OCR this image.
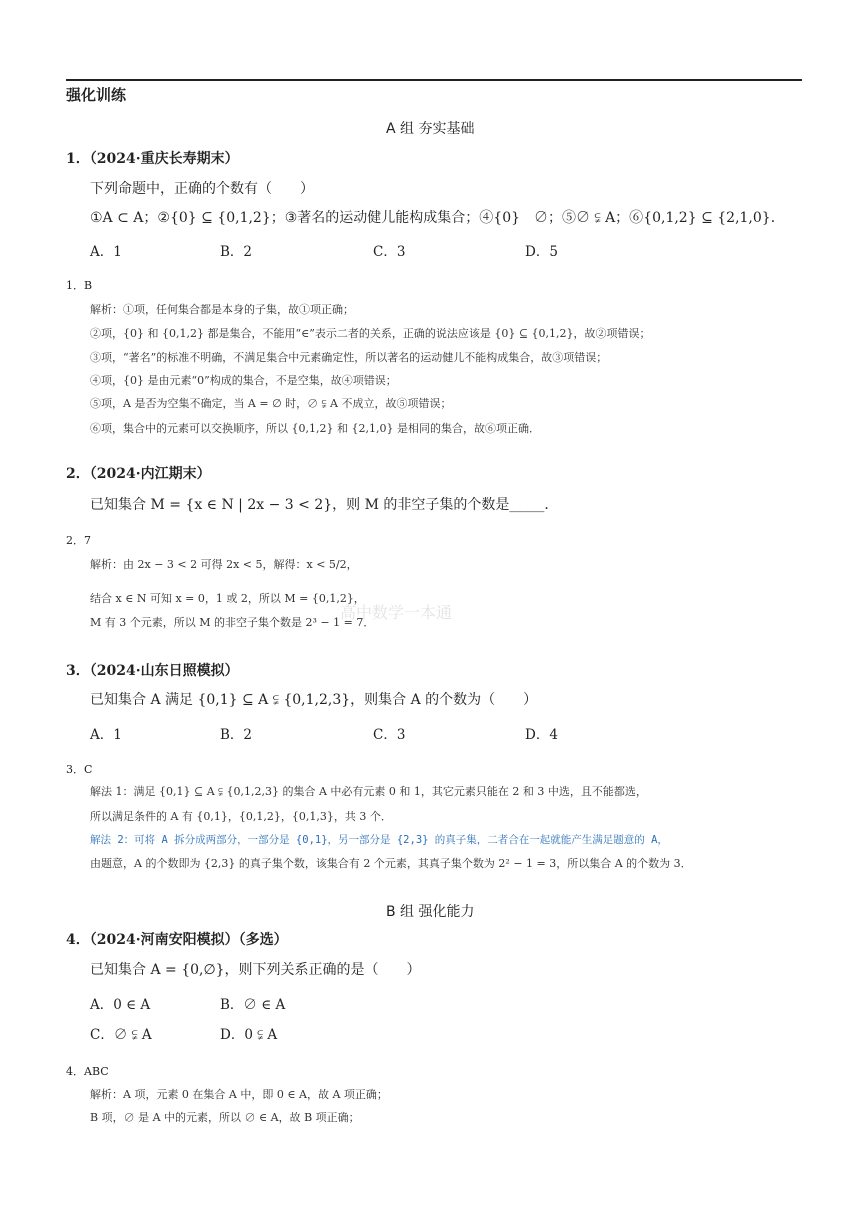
强化训练
A 组 夯实基础
1．（2024·重庆长寿期末）
下列命题中，正确的个数有（　　）
①A ⊂ A；②{0} ⊆ {0,1,2}；③著名的运动健儿能构成集合；④{0}　∅；⑤∅ ⫋ A；⑥{0,1,2} ⊆ {2,1,0}．
A．1	B．2	C．3	D．5
1．B
解析：①项，任何集合都是本身的子集，故①项正确；
②项，{0} 和 {0,1,2} 都是集合，不能用“∈”表示二者的关系，正确的说法应该是 {0} ⊆ {0,1,2}，故②项错误；
③项，“著名”的标准不明确，不满足集合中元素确定性，所以著名的运动健儿不能构成集合，故③项错误；
④项，{0} 是由元素“0”构成的集合，不是空集，故④项错误；
⑤项，A 是否为空集不确定，当 A = ∅ 时，∅ ⫋ A 不成立，故⑤项错误；
⑥项，集合中的元素可以交换顺序，所以 {0,1,2} 和 {2,1,0} 是相同的集合，故⑥项正确．
2．（2024·内江期末）
已知集合 M = {x ∈ N | 2x − 3 < 2}，则 M 的非空子集的个数是_____．
2．7
解析：由 2x − 3 < 2 可得 2x < 5，解得：x < 5/2，
结合 x ∈ N 可知 x = 0，1 或 2，所以 M = {0,1,2}，
M 有 3 个元素，所以 M 的非空子集个数是 2³ − 1 = 7．
高中数学一本通
3．（2024·山东日照模拟）
已知集合 A 满足 {0,1} ⊆ A ⫋ {0,1,2,3}，则集合 A 的个数为（　　）
A．1	B．2	C．3	D．4
3．C
解法 1：满足 {0,1} ⊆ A ⫋ {0,1,2,3} 的集合 A 中必有元素 0 和 1，其它元素只能在 2 和 3 中选，且不能都选，
所以满足条件的 A 有 {0,1}，{0,1,2}，{0,1,3}，共 3 个．
解法 2：可将 A 拆分成两部分，一部分是 {0,1}，另一部分是 {2,3} 的真子集，二者合在一起就能产生满足题意的 A，
由题意，A 的个数即为 {2,3} 的真子集个数，该集合有 2 个元素，其真子集个数为 2² − 1 = 3，所以集合 A 的个数为 3．
B 组 强化能力
4．（2024·河南安阳模拟）（多选）
已知集合 A = {0,∅}，则下列关系正确的是（　　）
A．0 ∈ A	B．∅ ∈ A
C．∅ ⫋ A	D．0 ⫋ A
4．ABC
解析：A 项，元素 0 在集合 A 中，即 0 ∈ A，故 A 项正确；
B 项，∅ 是 A 中的元素，所以 ∅ ∈ A，故 B 项正确；
